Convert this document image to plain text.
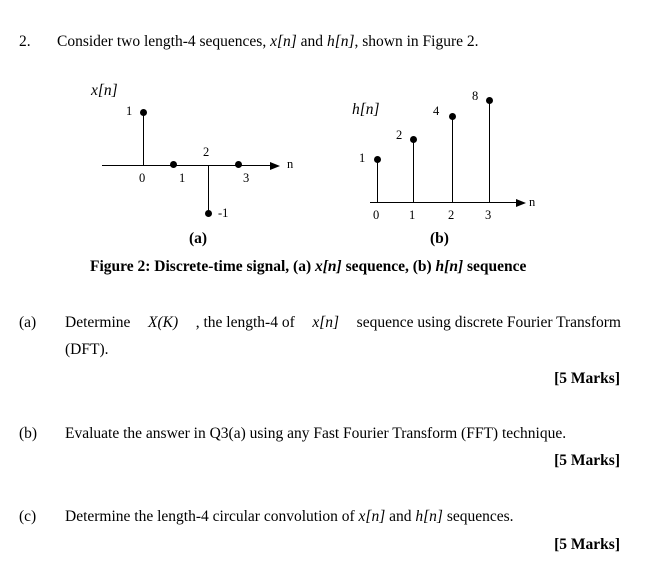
2. Consider two length-4 sequences, x[n] and h[n], shown in Figure 2.
x[n]
n
1
0	1
2
-1
3
(a)
h[n]
n
1
0
2
1
4
2
8
3
(b)
Figure 2: Discrete-time signal, (a) x[n] sequence, (b) h[n] sequence
(a) Determine X(K) , the length-4 of x[n] sequence using discrete Fourier Transform
(DFT).
[5 Marks]
(b) Evaluate the answer in Q3(a) using any Fast Fourier Transform (FFT) technique.
[5 Marks]
(c) Determine the length-4 circular convolution of x[n] and h[n] sequences.
[5 Marks]
